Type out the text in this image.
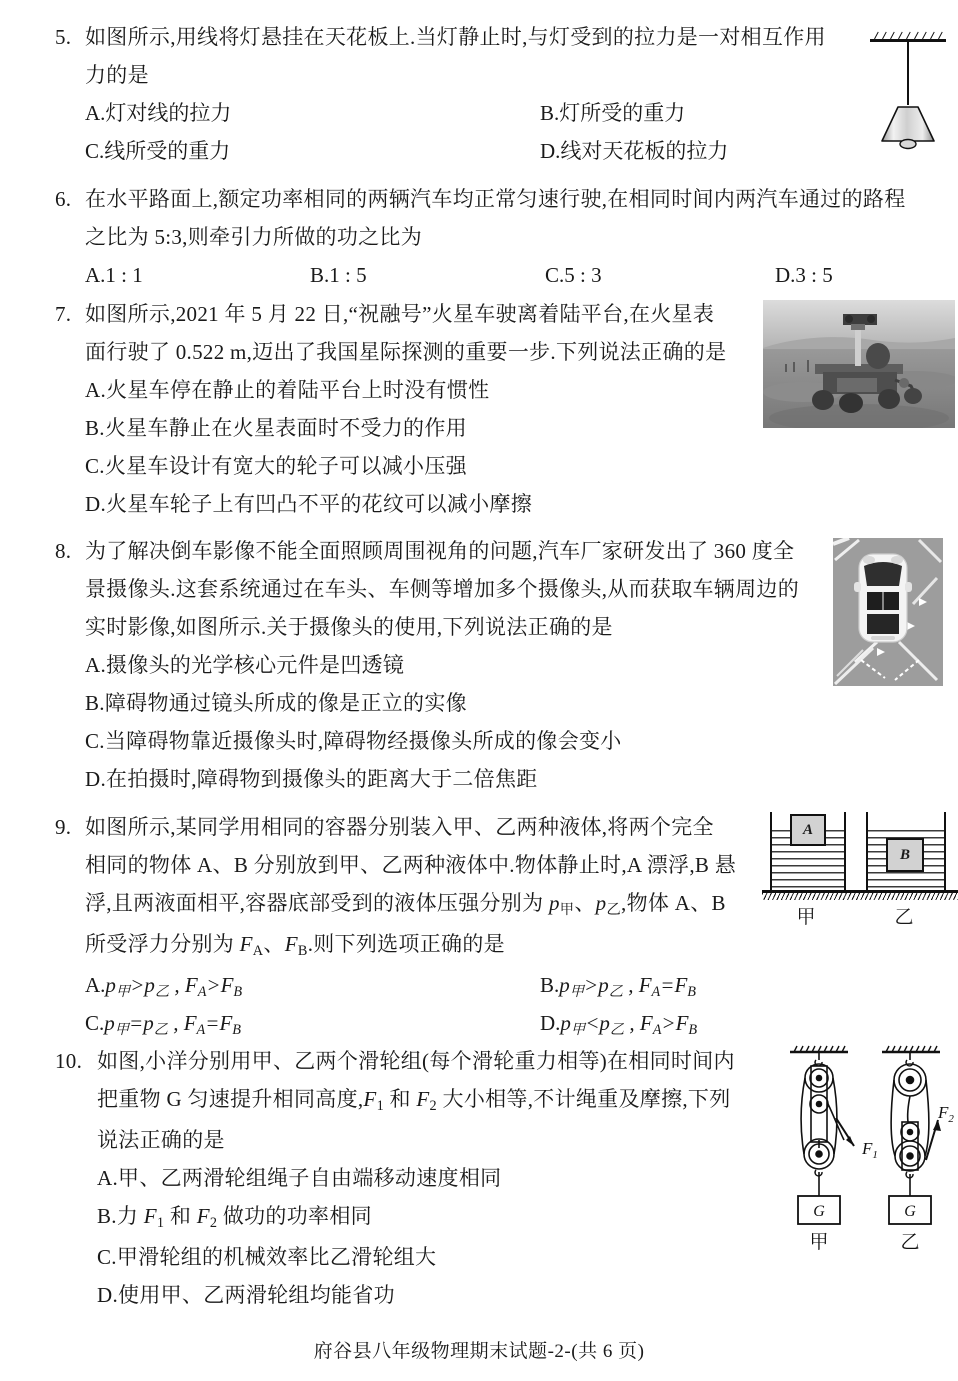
5. 如图所示,用线将灯悬挂在天花板上.当灯静止时,与灯受到的拉力是一对相互作用
力的是
A.灯对线的拉力	B.灯所受的重力
C.线所受的重力	D.线对天花板的拉力
6. 在水平路面上,额定功率相同的两辆汽车均正常匀速行驶,在相同时间内两汽车通过的路程
之比为 5:3,则牵引力所做的功之比为
A.1 : 1	B.1 : 5	C.5 : 3	D.3 : 5
7. 如图所示,2021 年 5 月 22 日,“祝融号”火星车驶离着陆平台,在火星表
面行驶了 0.522 m,迈出了我国星际探测的重要一步.下列说法正确的是
A.火星车停在静止的着陆平台上时没有惯性
B.火星车静止在火星表面时不受力的作用
C.火星车设计有宽大的轮子可以减小压强
D.火星车轮子上有凹凸不平的花纹可以减小摩擦
8. 为了解决倒车影像不能全面照顾周围视角的问题,汽车厂家研发出了 360 度全
景摄像头.这套系统通过在车头、车侧等增加多个摄像头,从而获取车辆周边的
实时影像,如图所示.关于摄像头的使用,下列说法正确的是
A.摄像头的光学核心元件是凹透镜
B.障碍物通过镜头所成的像是正立的实像
C.当障碍物靠近摄像头时,障碍物经摄像头所成的像会变小
D.在拍摄时,障碍物到摄像头的距离大于二倍焦距
9. 如图所示,某同学用相同的容器分别装入甲、乙两种液体,将两个完全
相同的物体 A、B 分别放到甲、乙两种液体中.物体静止时,A 漂浮,B 悬
浮,且两液面相平,容器底部受到的液体压强分别为 $p_甲$、$p_乙$,物体 A、B
所受浮力分别为 $F_A$、$F_B$.则下列选项正确的是
$A.p_甲>p_乙$ , $F_A>F_B$	$B.p_甲>p_乙$ , $F_A=F_B$
$C.p_甲=p_乙$ , $F_A=F_B$	$D.p_甲<p_乙$ , $F_A>F_B$
A
B
甲	乙
10. 如图,小洋分别用甲、乙两个滑轮组(每个滑轮重力相等)在相同时间内
把重物 G 匀速提升相同高度$,F_1$ 和 $F_2$ 大小相等,不计绳重及摩擦,下列
说法正确的是
A.甲、乙两滑轮组绳子自由端移动速度相同
B.力 $F_1$ 和 $F_2$ 做功的功率相同
C.甲滑轮组的机械效率比乙滑轮组大
D.使用甲、乙两滑轮组均能省功
G	G
$F_1$
$F_2$
甲	乙
府谷县八年级物理期末试题-2-(共 6 页)
